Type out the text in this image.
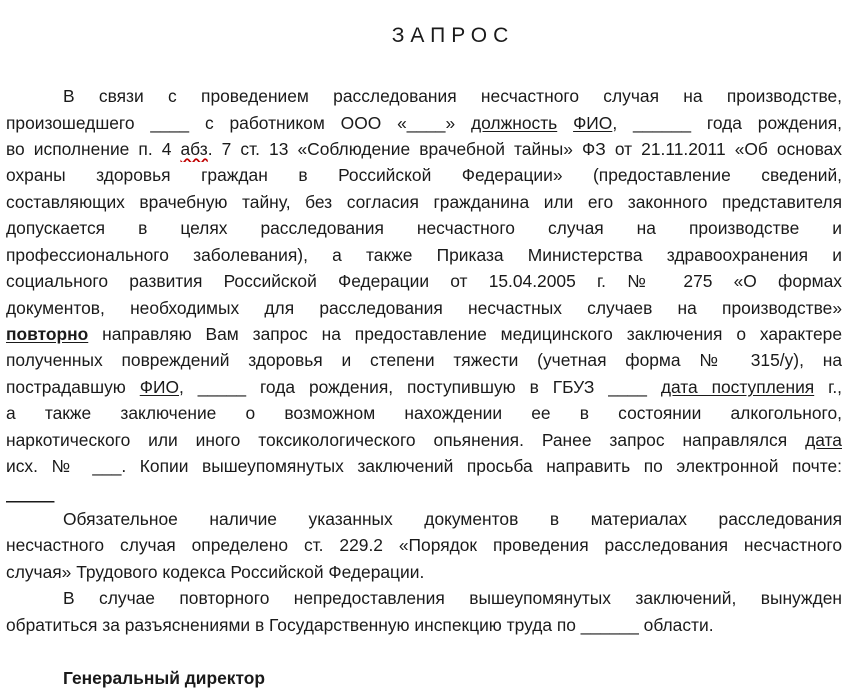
ЗАПРОС
В связи с проведением расследования несчастного случая на производстве,
произошедшего ____ с работником ООО «____» должность ФИО, ______ года рождения,
во исполнение п. 4 абз. 7 ст. 13 «Соблюдение врачебной тайны» ФЗ от 21.11.2011 «Об основах
охраны здоровья граждан в Российской Федерации» (предоставление сведений,
составляющих врачебную тайну, без согласия гражданина или его законного представителя
допускается в целях расследования несчастного случая на производстве и
профессионального заболевания), а также Приказа Министерства здравоохранения и
социального развития Российской Федерации от 15.04.2005 г. № 275 «О формах
документов, необходимых для расследования несчастных случаев на производстве»
повторно направляю Вам запрос на предоставление медицинского заключения о характере
полученных повреждений здоровья и степени тяжести (учетная форма № 315/у), на
пострадавшую ФИО, _____ года рождения, поступившую в ГБУЗ ____ дата поступления г.,
а также заключение о возможном нахождении ее в состоянии алкогольного,
наркотического или иного токсикологического опьянения. Ранее запрос направлялся дата
исх. № ___. Копии вышеупомянутых заключений просьба направить по электронной почте:
_____
Обязательное наличие указанных документов в материалах расследования
несчастного случая определено ст. 229.2 «Порядок проведения расследования несчастного
случая» Трудового кодекса Российской Федерации.
В случае повторного непредоставления вышеупомянутых заключений, вынужден
обратиться за разъяснениями в Государственную инспекцию труда по ______ области.
Генеральный директор
